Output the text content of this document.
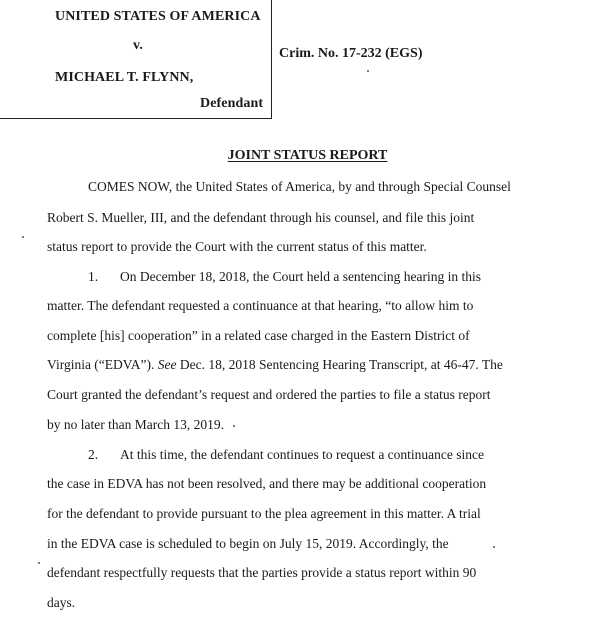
UNITED STATES OF AMERICA
v.
MICHAEL T. FLYNN,
Defendant
Crim. No. 17-232 (EGS)
JOINT STATUS REPORT
COMES NOW, the United States of America, by and through Special Counsel
Robert S. Mueller, III, and the defendant through his counsel, and file this joint
status report to provide the Court with the current status of this matter.
1. On December 18, 2018, the Court held a sentencing hearing in this
matter. The defendant requested a continuance at that hearing, “to allow him to
complete [his] cooperation” in a related case charged in the Eastern District of
Virginia (“EDVA”). See Dec. 18, 2018 Sentencing Hearing Transcript, at 46-47. The
Court granted the defendant’s request and ordered the parties to file a status report
by no later than March 13, 2019.
2. At this time, the defendant continues to request a continuance since
the case in EDVA has not been resolved, and there may be additional cooperation
for the defendant to provide pursuant to the plea agreement in this matter. A trial
in the EDVA case is scheduled to begin on July 15, 2019. Accordingly, the
defendant respectfully requests that the parties provide a status report within 90
days.
